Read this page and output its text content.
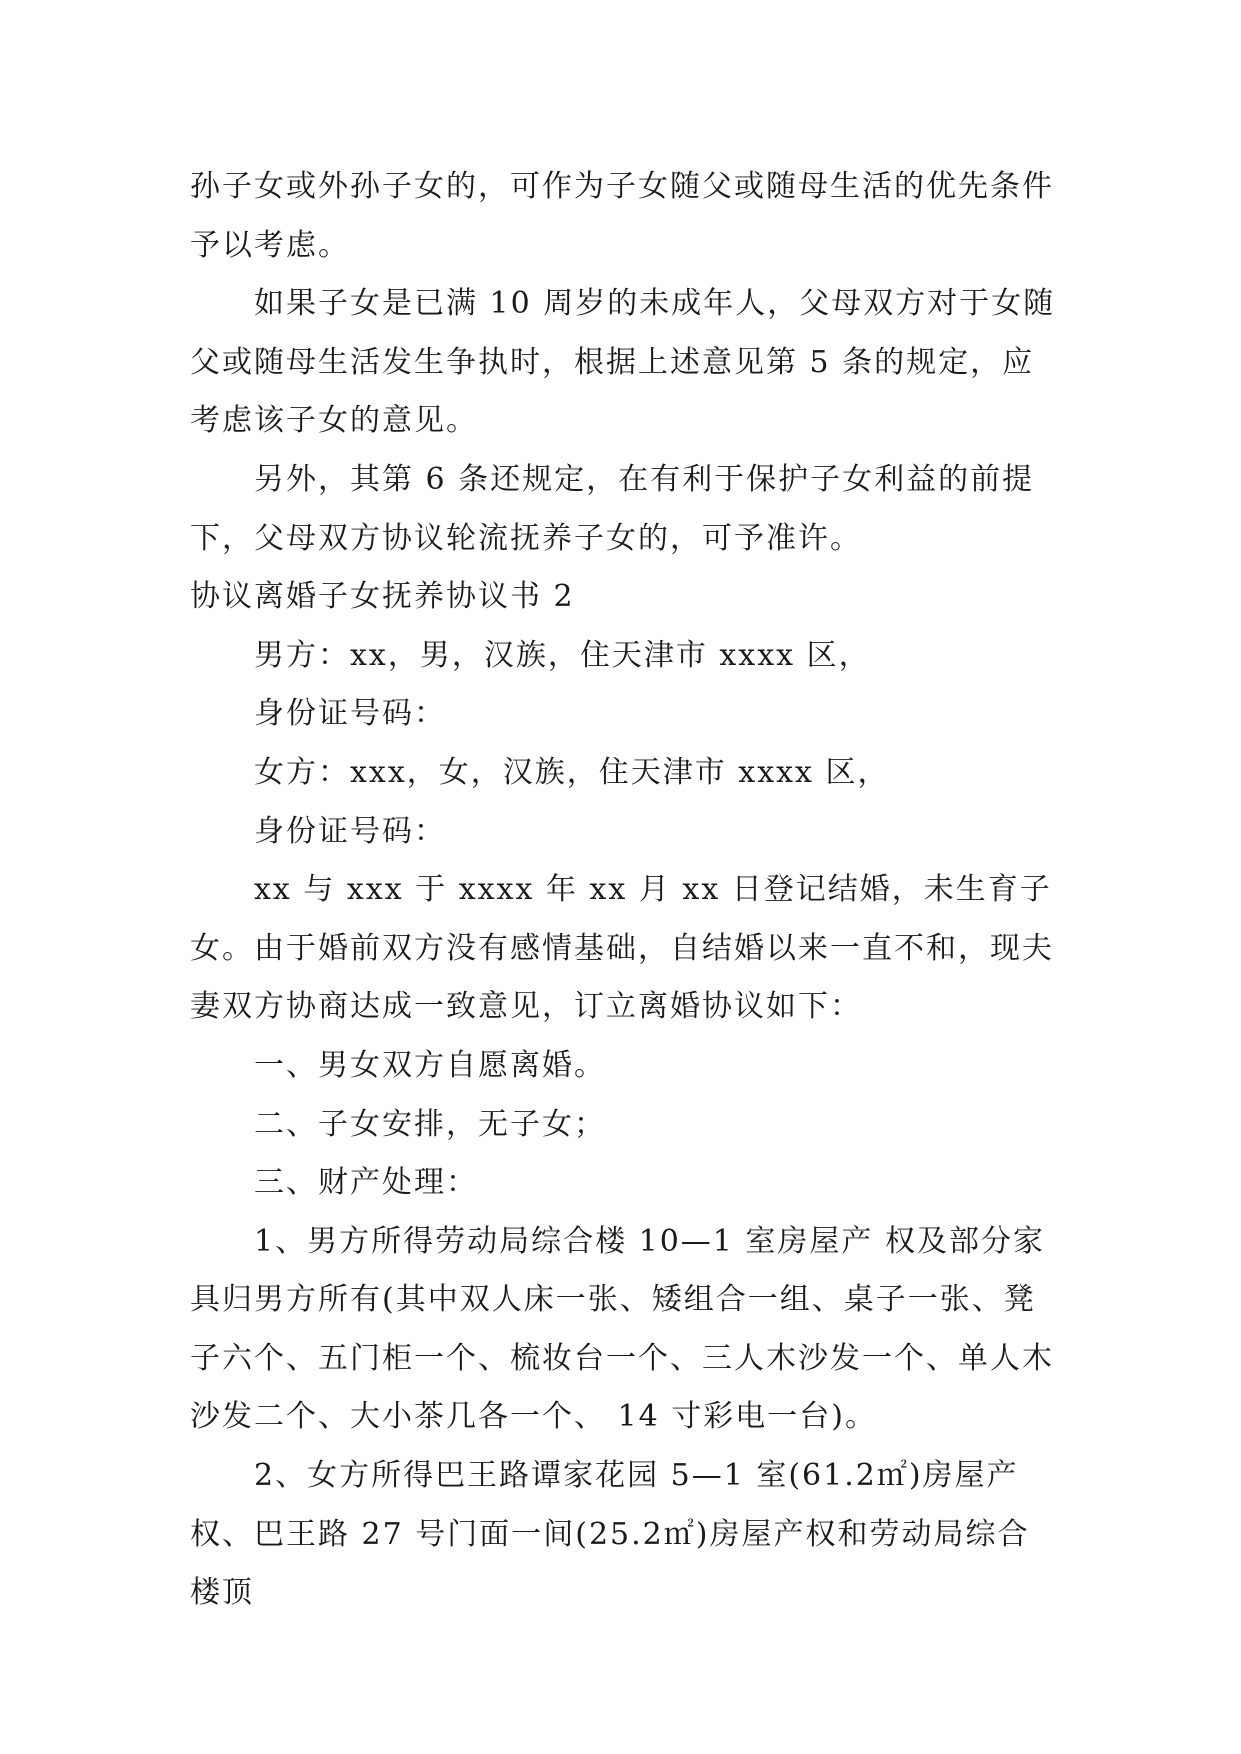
孙子女或外孙子女的，可作为子女随父或随母生活的优先条件予以考虑。

如果子女是已满 10 周岁的未成年人，父母双方对于女随父或随母生活发生争执时，根据上述意见第 5 条的规定，应考虑该子女的意见。

另外，其第 6 条还规定，在有利于保护子女利益的前提下，父母双方协议轮流抚养子女的，可予准许。

协议离婚子女抚养协议书 2

男方：xx，男，汉族，住天津市 xxxx 区，

身份证号码：

女方：xxx，女，汉族，住天津市 xxxx 区，

身份证号码：

xx 与 xxx 于 xxxx 年 xx 月 xx 日登记结婚，未生育子女。由于婚前双方没有感情基础，自结婚以来一直不和，现夫妻双方协商达成一致意见，订立离婚协议如下：

一、男女双方自愿离婚。

二、子女安排，无子女；

三、财产处理：

1、男方所得劳动局综合楼 10—1 室房屋产 权及部分家具归男方所有(其中双人床一张、矮组合一组、桌子一张、凳子六个、五门柜一个、梳妆台一个、三人木沙发一个、单人木沙发二个、大小茶几各一个、 14 寸彩电一台)。

2、女方所得巴王路谭家花园 5—1 室(61.2㎡)房屋产权、巴王路 27 号门面一间(25.2㎡)房屋产权和劳动局综合楼顶
